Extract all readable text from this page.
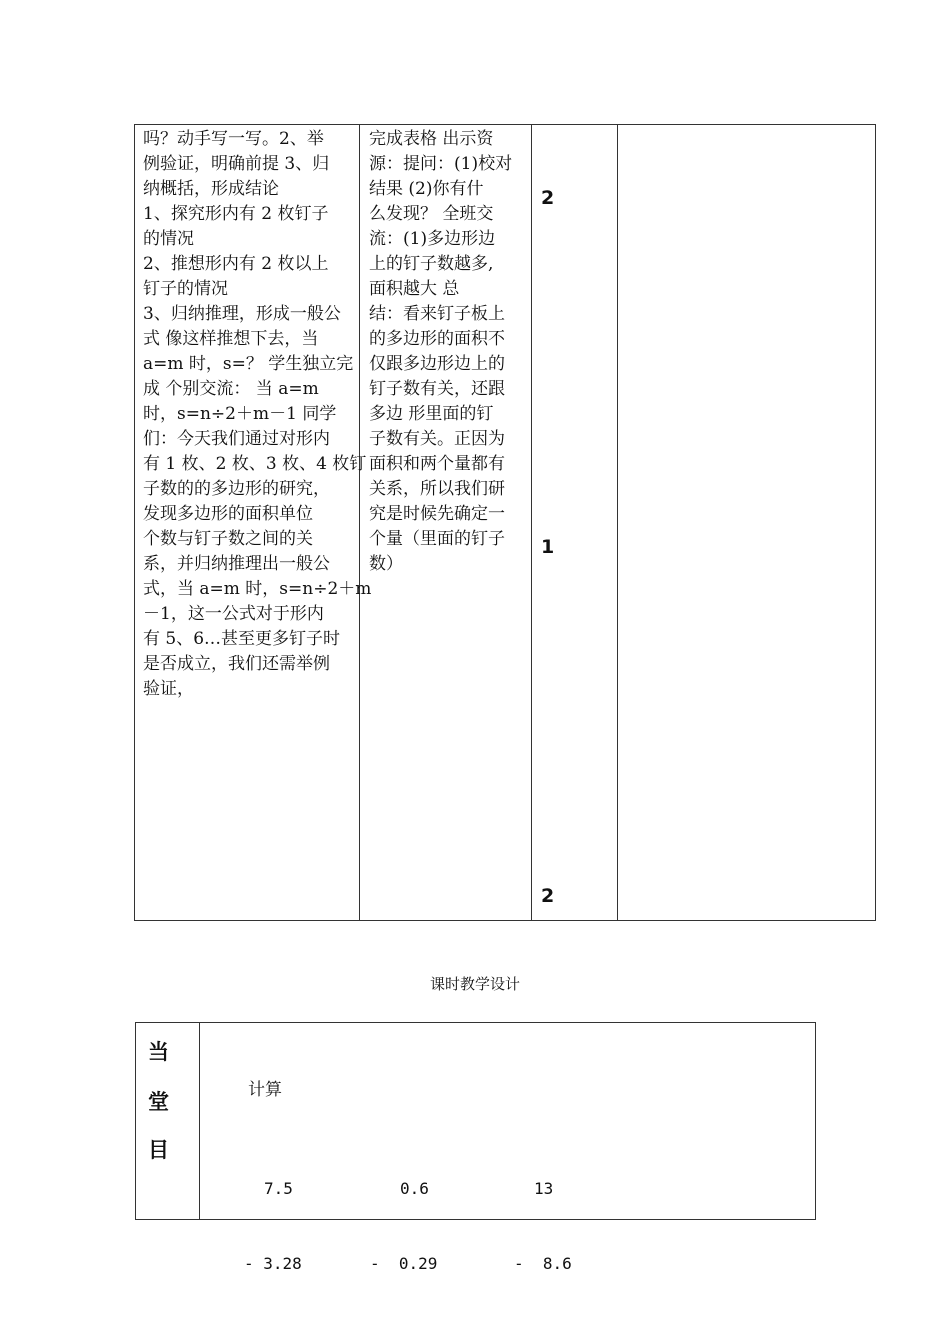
吗？动手写一写。2、举
例验证，明确前提 3、归
纳概括，形成结论
1、探究形内有 2 枚钉子
的情况
2、推想形内有 2 枚以上
钉子的情况
3、归纳推理，形成一般公
式 像这样推想下去，当
a=m 时，s=？ 学生独立完
成 个别交流： 当 a=m
时，s=n÷2＋m－1 同学
们：今天我们通过对形内
有 1 枚、2 枚、3 枚、4 枚钉
子数的的多边形的研究，
发现多边形的面积单位
个数与钉子数之间的关
系，并归纳推理出一般公
式，当 a=m 时，s=n÷2＋m
－1，这一公式对于形内
有 5、6…甚至更多钉子时
是否成立，我们还需举例
验证，
完成表格 出示资
源：提问：(1)校对
结果 (2)你有什
么发现？ 全班交
流：(1)多边形边
上的钉子数越多,
面积越大 总
结：看来钉子板上
的多边形的面积不
仅跟多边形边上的
钉子数有关，还跟
多边 形里面的钉
子数有关。正因为
面积和两个量都有
关系，所以我们研
究是时候先确定一
个量（里面的钉子
数）
2
1
2
课时教学设计
当
堂
目
计算

7.5

- 3.28

0.6

-  0.29

13

-  8.6
